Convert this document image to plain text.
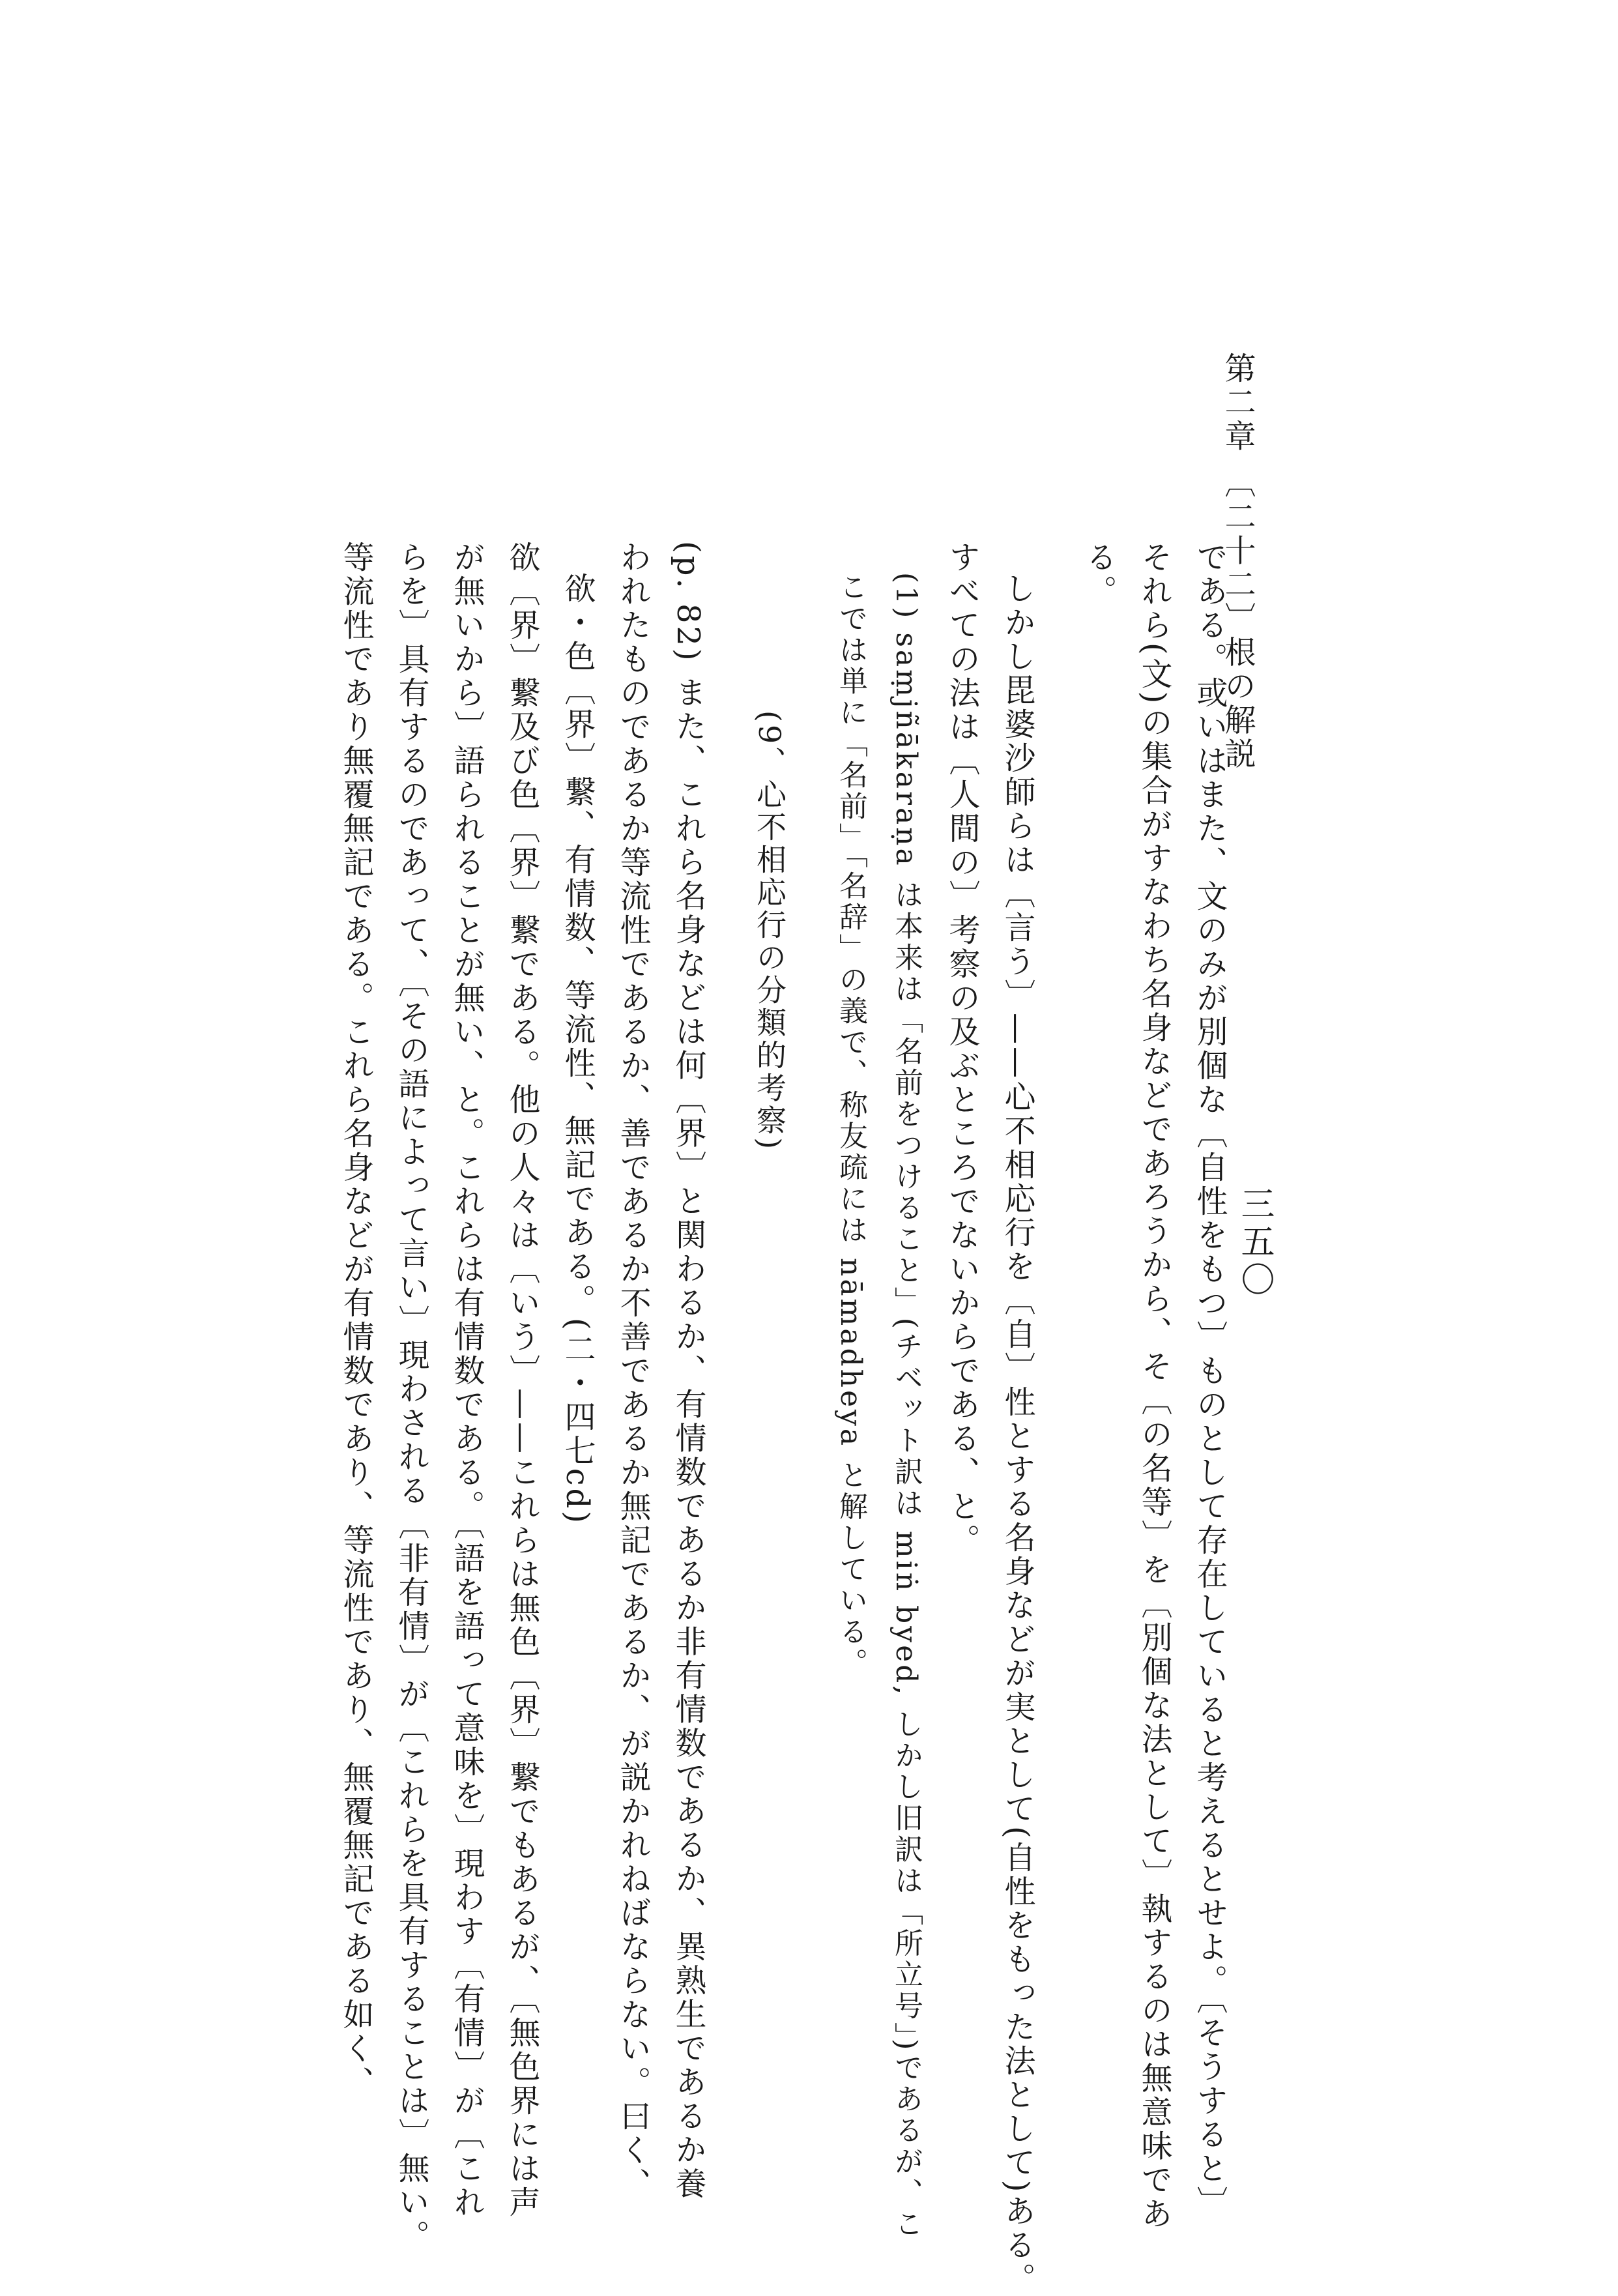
第二章 〔二十二〕根の解説
三五〇
である。或いはまた、文のみが別個な〔自性をもつ〕ものとして存在していると考えるとせよ。〔そうすると〕
それら(文)の集合がすなわち名身などであろうから、そ〔の名等〕を〔別個な法として〕執するのは無意味であ
る。
しかし毘婆沙師らは〔言う〕——心不相応行を〔自〕性とする名身などが実として(自性をもった法として)ある。
すべての法は〔人間の〕考察の及ぶところでないからである、と。
(1) saṃjñākaraṇa は本来は「名前をつけること」(チベット訳は miṅ byed, しかし旧訳は「所立号」)であるが、こ
こでは単に「名前」「名辞」の義で、称友疏には nāmadheya と解している。
(9、心不相応行の分類的考察)
(p. 82) また、これら名身などは何〔界〕と関わるか、有情数であるか非有情数であるか、異熟生であるか養
われたものであるか等流性であるか、善であるか不善であるか無記であるか、が説かれねばならない。曰く、
欲・色〔界〕繋、有情数、等流性、無記である。(二・四七cd)
欲〔界〕繋及び色〔界〕繋である。他の人々は〔いう〕——これらは無色〔界〕繋でもあるが、〔無色界には声
が無いから〕語られることが無い、と。これらは有情数である。〔語を語って意味を〕現わす〔有情〕が〔これ
らを〕具有するのであって、〔その語によって言い〕現わされる〔非有情〕が〔これらを具有することは〕無い。
等流性であり無覆無記である。これら名身などが有情数であり、等流性であり、無覆無記である如く、
